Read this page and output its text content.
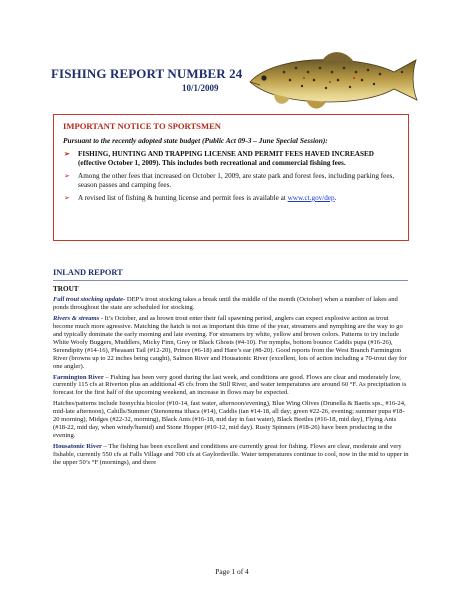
FISHING REPORT NUMBER 24
10/1/2009
IMPORTANT NOTICE TO SPORTSMEN
Pursuant to the recently adopted state budget (Public Act 09-3 – June Special Session):
➢ FISHING, HUNTING AND TRAPPING LICENSE AND PERMIT FEES HAVED INCREASED (effective October 1, 2009). This includes both recreational and commercial fishing fees.
➢ Among the other fees that increased on October 1, 2009, are state park and forest fees, including parking fees, season passes and camping fees.
➢ A revised list of fishing & hunting license and permit fees is available at www.ct.gov/dep.
INLAND REPORT

TROUT

Fall trout stocking update- DEP’s trout stocking takes a break until the middle of the month (October) when a number of lakes and ponds throughout the state are scheduled for stocking.

Rivers & streams - It’s October, and as brown trout enter their fall spawning period, anglers can expect explosive action as trout become much more agressive. Matching the hatch is not as important this time of the year, streamers and nymphing are the way to go and typically dominate the early morning and late evening. For streamers try white, yellow and brown colors. Patterns to try include White Wooly Buggers, Muddlers, Micky Finn, Grey or Black Ghosts (#4-10). For nymphs, bottom bounce Caddis pupa (#16-26), Serendipity (#14-16), Pheasant Tail (#12-20), Prince (#6-18) and Hare’s ear (#8-20). Good reports from the West Branch Farmington River (browns up to 22 inches being caught), Salmon River and Housatonic River (excellent, lots of action including a 70-trout day for one angler).

Farmington River – Fishing has been very good during the last week, and conditions are good. Flows are clear and moderately low, currently 115 cfs at Riverton plus an additional 45 cfs from the Still River, and water temperatures are around 60 °F. As precipitation is forecast for the first half of the upcoming weekend, an increase in flows may be expected.

Hatches/patterns include Isonychia bicolor (#10-14, fast water, afternoon/evening), Blue Wing Olives (Drunella & Baetis sps., #16-24, mid-late afternoon), Cahills/Summer (Stenonema ithaca (#14), Caddis (tan #14-18, all day; green #22-26, evening; summer pupa #18-20 morning), Midges (#22-32, morning), Black Ants (#16-18, mid day in fast water), Black Beetles (#16-18, mid day), Flying Ants (#18-22, mid day, when windy/humid) and Stone Hopper (#10-12, mid day). Rusty Spinners (#18-26) have been producing in the evening.

Housatonic River – The fishing has been excellent and conditions are currently great for fishing. Flows are clear, moderate and very fishable, currently 550 cfs at Falls Village and 700 cfs at Gaylordsville. Water temperatures continue to cool, now in the mid to upper in the upper 50’s °F (mornings), and there

Page 1 of 4
